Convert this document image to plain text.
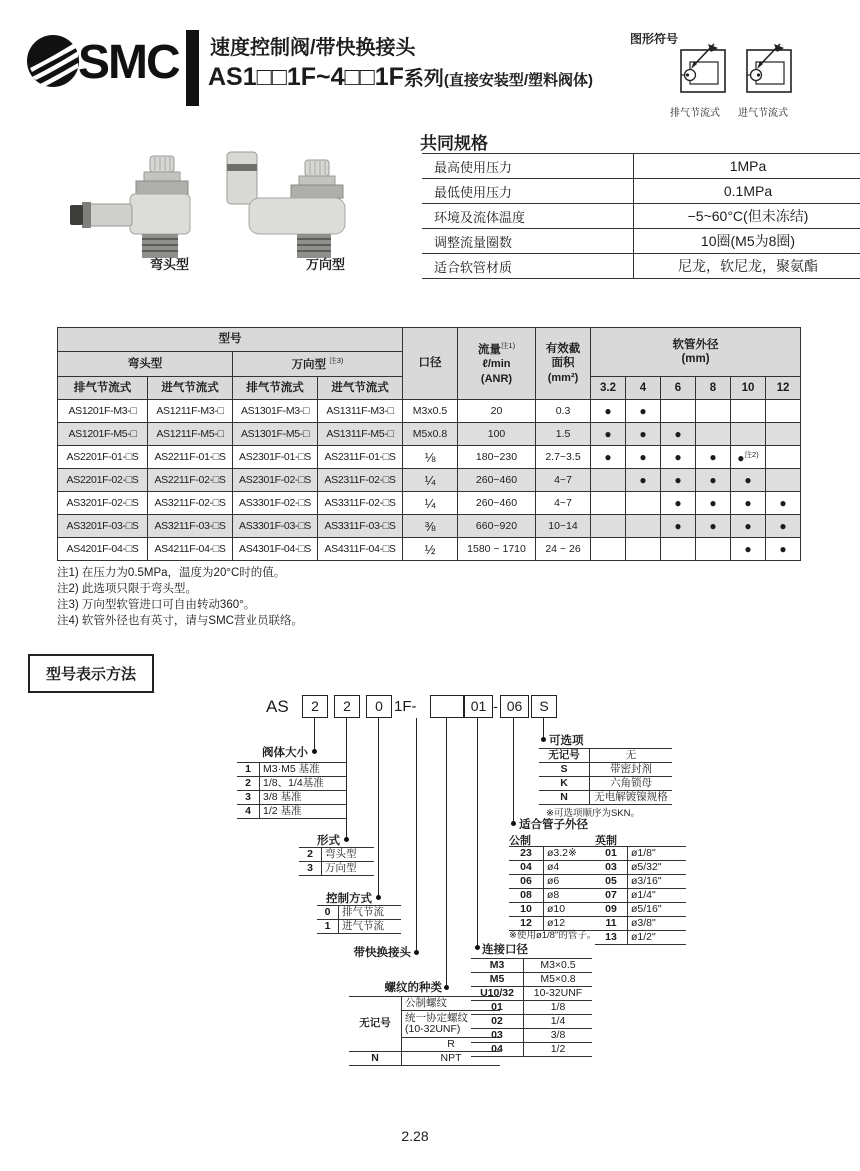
SMC 速度控制阀/带快换接头
AS1□□1F~4□□1F系列(直接安装型/塑料阀体)
图形符号
排气节流式 进气节流式
弯头型	万向型
共同规格
最高使用压力	1MPa
最低使用压力	0.1MPa
环境及流体温度	−5~60°C(但未冻结)
调整流量圈数	10圈(M5为8圈)
适合软管材质	尼龙，软尼龙，聚氨酯
型号				口径	流量$^{注1)}$
ℓ/min
(ANR)	有效截
面积
(mm²)	软管外径
(mm)					
弯头型		万向型 $^{注3)}$
排气节流式	进气节流式	排气节流式	进气节流式				3.2	4	6	8	10	12
AS1201F-M3-□	AS1211F-M3-□	AS1301F-M3-□	AS1311F-M3-□	M3x0.5	20	0.3	●	●				
AS1201F-M5-□	AS1211F-M5-□	AS1301F-M5-□	AS1311F-M5-□	M5x0.8	100	1.5	●	●	●			
AS2201F-01-□S	AS2211F-01-□S	AS2301F-01-□S	AS2311F-01-□S	⅛	180~230	2.7~3.5	●	●	●	●	●$^{注2)}$	
AS2201F-02-□S	AS2211F-02-□S	AS2301F-02-□S	AS2311F-02-□S	¼	260~460	4~7		●	●	●	●	
AS3201F-02-□S	AS3211F-02-□S	AS3301F-02-□S	AS3311F-02-□S	¼	260~460	4~7			●	●	●	●
AS3201F-03-□S	AS3211F-03-□S	AS3301F-03-□S	AS3311F-03-□S	⅜	660~920	10~14			●	●	●	●
AS4201F-04-□S	AS4211F-04-□S	AS4301F-04-□S	AS4311F-04-□S	½	1580 ~ 1710	24 ~ 26					●	●
注1) 在压力为0.5MPa，温度为20°C时的值。
注2) 此选项只限于弯头型。
注3) 万向型软管进口可自由转动360°。
注4) 软管外径也有英寸，请与SMC营业员联络。
型号表示方法
AS	2	2	0 1F-	01 - 06	S
阀体大小
1	M3·M5 基准
2	1/8、1/4基准
3	3/8 基准
4	1/2 基准
形式
2	弯头型
3	万向型
控制方式
0	排气节流
1	进气节流
带快换接头
螺纹的种类
无记号	公制螺纹
	统一协定螺纹
(10-32UNF)
	R
N	NPT
连接口径
M3	M3×0.5
M5	M5×0.8
U10/32	10-32UNF
01	1/8
02	1/4
03	3/8
04	1/2
适合管子外径
公制
23	ø3.2※
04	ø4
06	ø6
08	ø8
10	ø10
12	ø12
※使用ø1/8"的管子。
英制
01	ø1/8"
03	ø5/32"
05	ø3/16"
07	ø1/4"
09	ø5/16"
11	ø3/8"
13	ø1/2"
可选项
无记号	无
S	带密封剂
K	六角锁母
N	无电解镀镍规格
※可选项顺序为SKN。
2.28
